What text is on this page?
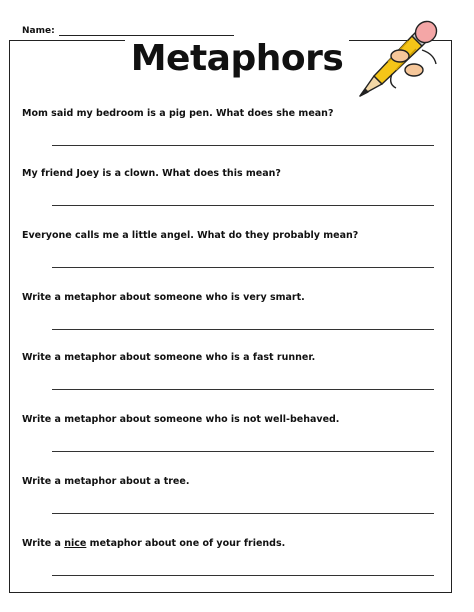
Name:
Metaphors
Mom said my bedroom is a pig pen. What does she mean?
My friend Joey is a clown. What does this mean?
Everyone calls me a little angel. What do they probably mean?
Write a metaphor about someone who is very smart.
Write a metaphor about someone who is a fast runner.
Write a metaphor about someone who is not well-behaved.
Write a metaphor about a tree.
Write a nice metaphor about one of your friends.
